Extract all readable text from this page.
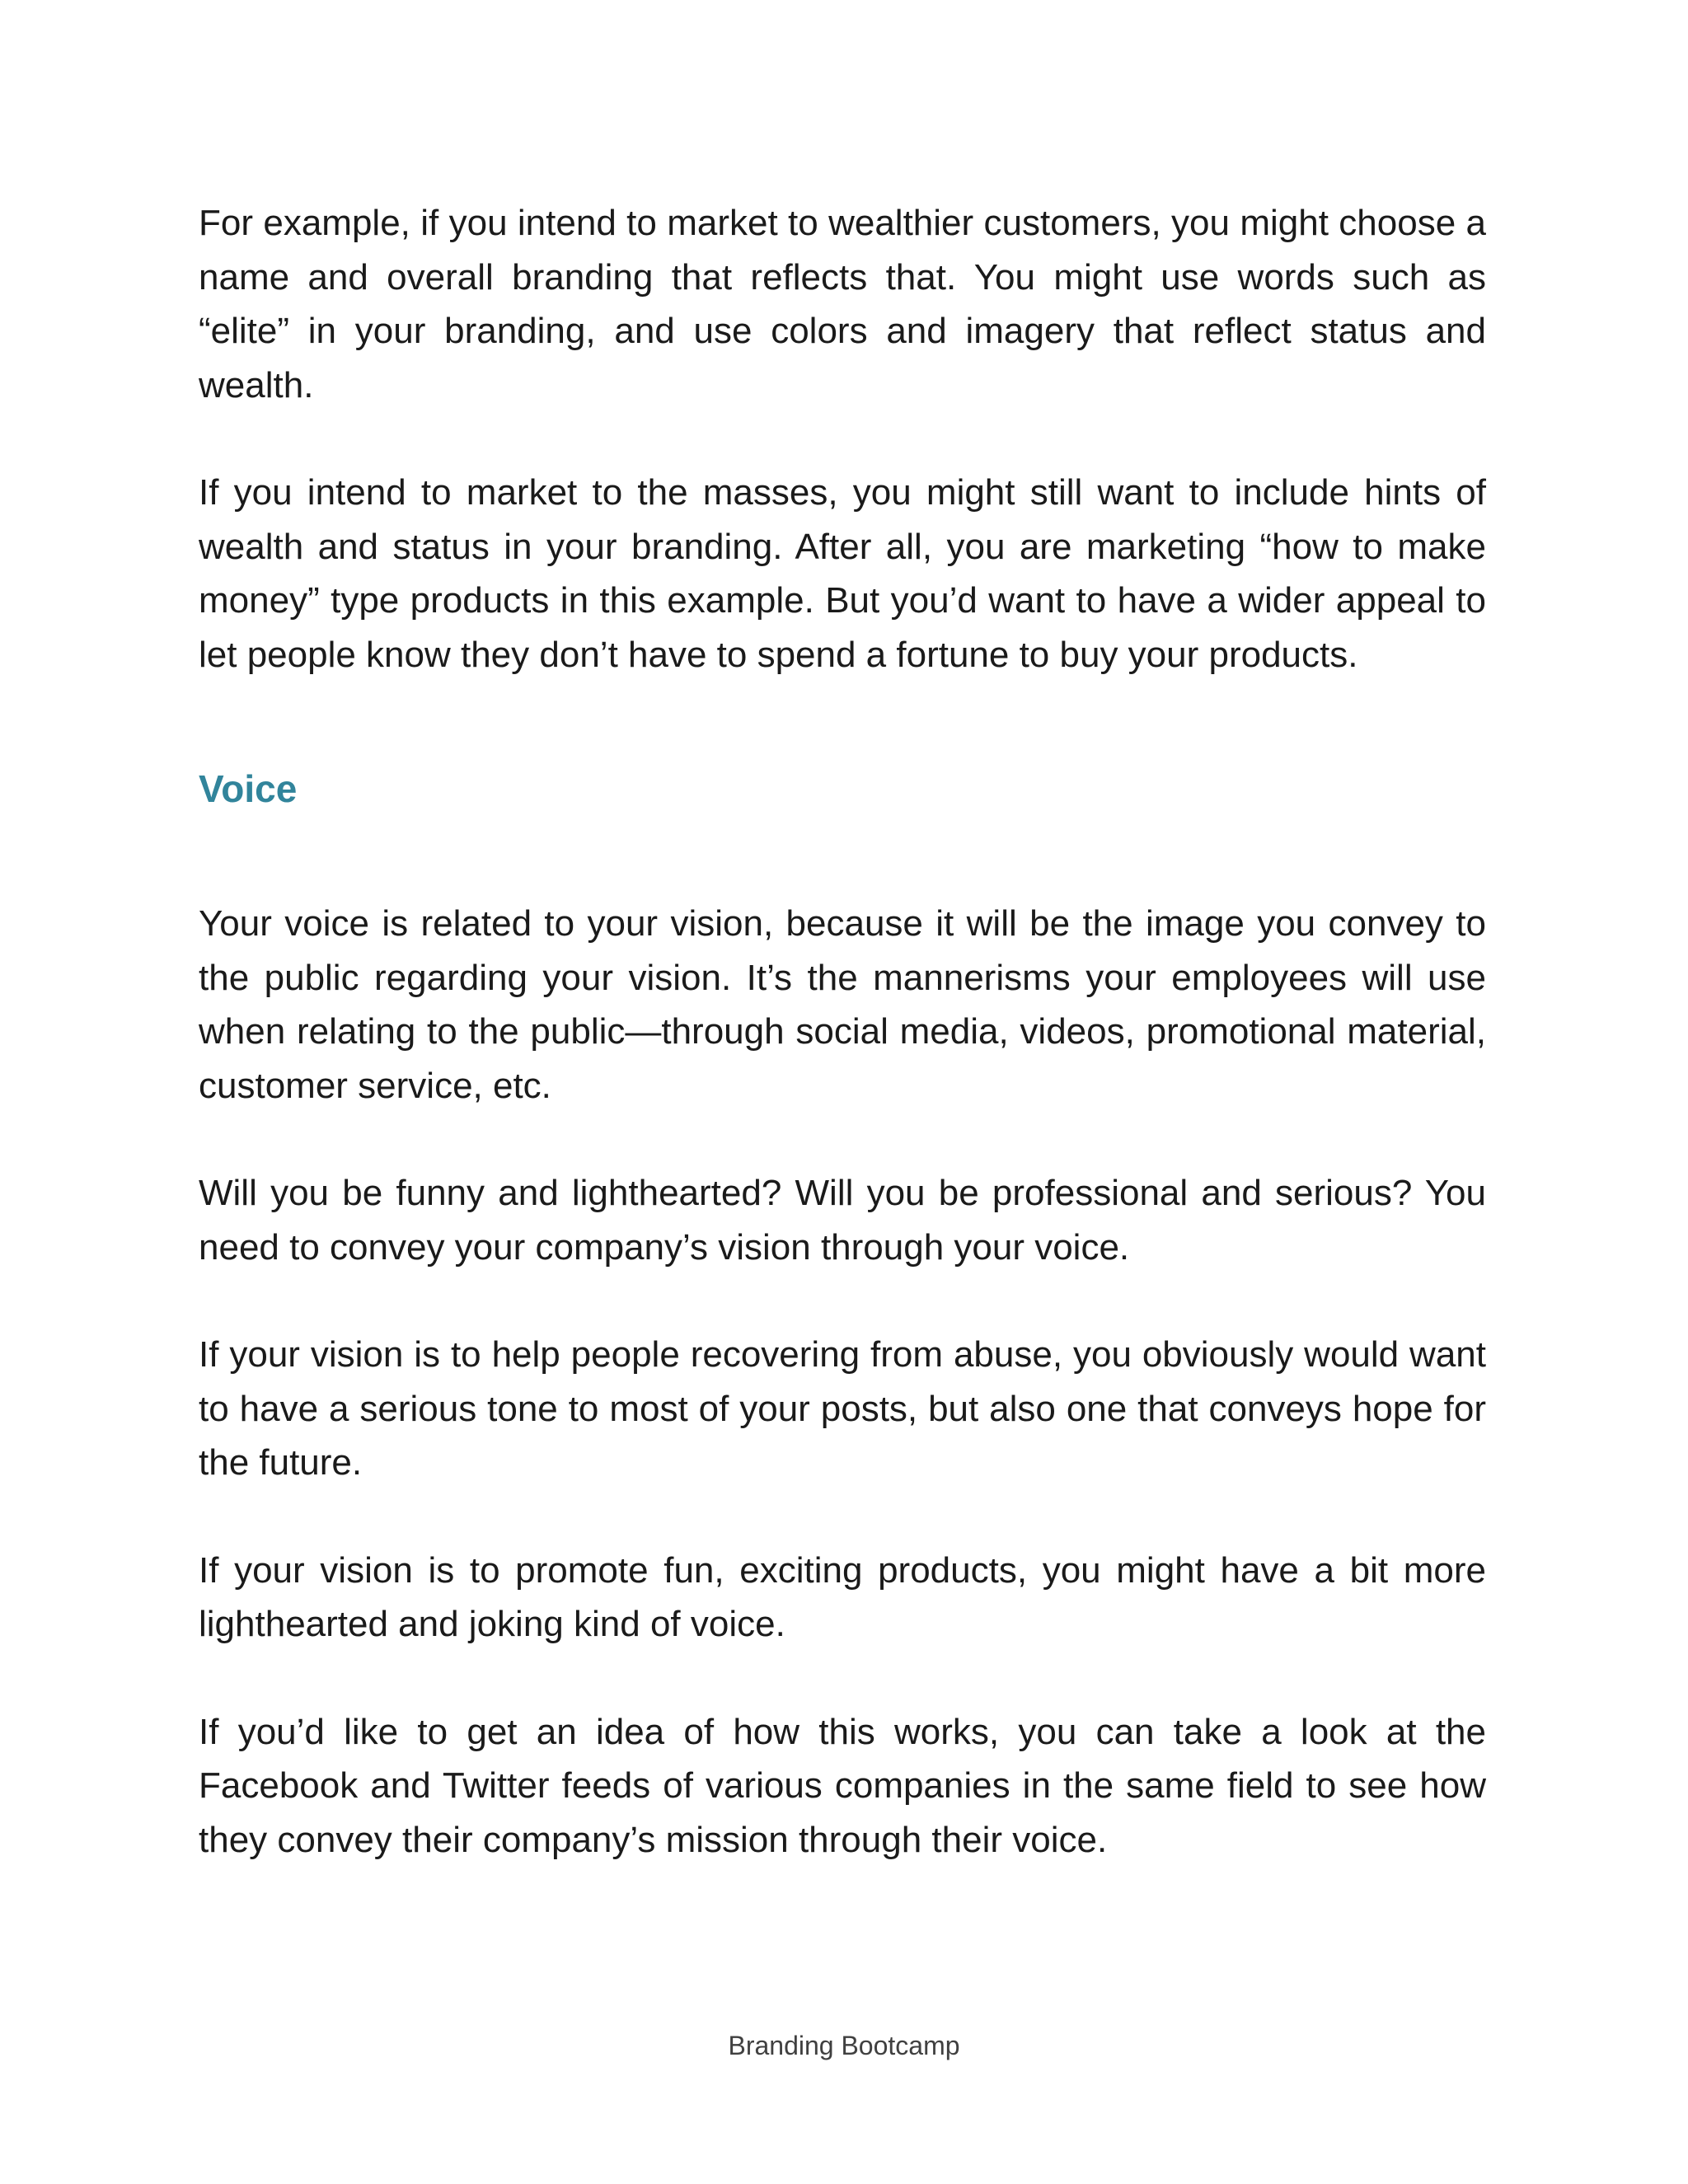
For example, if you intend to market to wealthier customers, you might choose a name and overall branding that reflects that. You might use words such as “elite” in your branding, and use colors and imagery that reflect status and wealth.

If you intend to market to the masses, you might still want to include hints of wealth and status in your branding. After all, you are marketing “how to make money” type products in this example. But you’d want to have a wider appeal to let people know they don’t have to spend a fortune to buy your products.

Voice

Your voice is related to your vision, because it will be the image you convey to the public regarding your vision. It’s the mannerisms your employees will use when relating to the public—through social media, videos, promotional material, customer service, etc.

Will you be funny and lighthearted? Will you be professional and serious? You need to convey your company’s vision through your voice.

If your vision is to help people recovering from abuse, you obviously would want to have a serious tone to most of your posts, but also one that conveys hope for the future.

If your vision is to promote fun, exciting products, you might have a bit more lighthearted and joking kind of voice.

If you’d like to get an idea of how this works, you can take a look at the Facebook and Twitter feeds of various companies in the same field to see how they convey their company’s mission through their voice.

Branding Bootcamp
